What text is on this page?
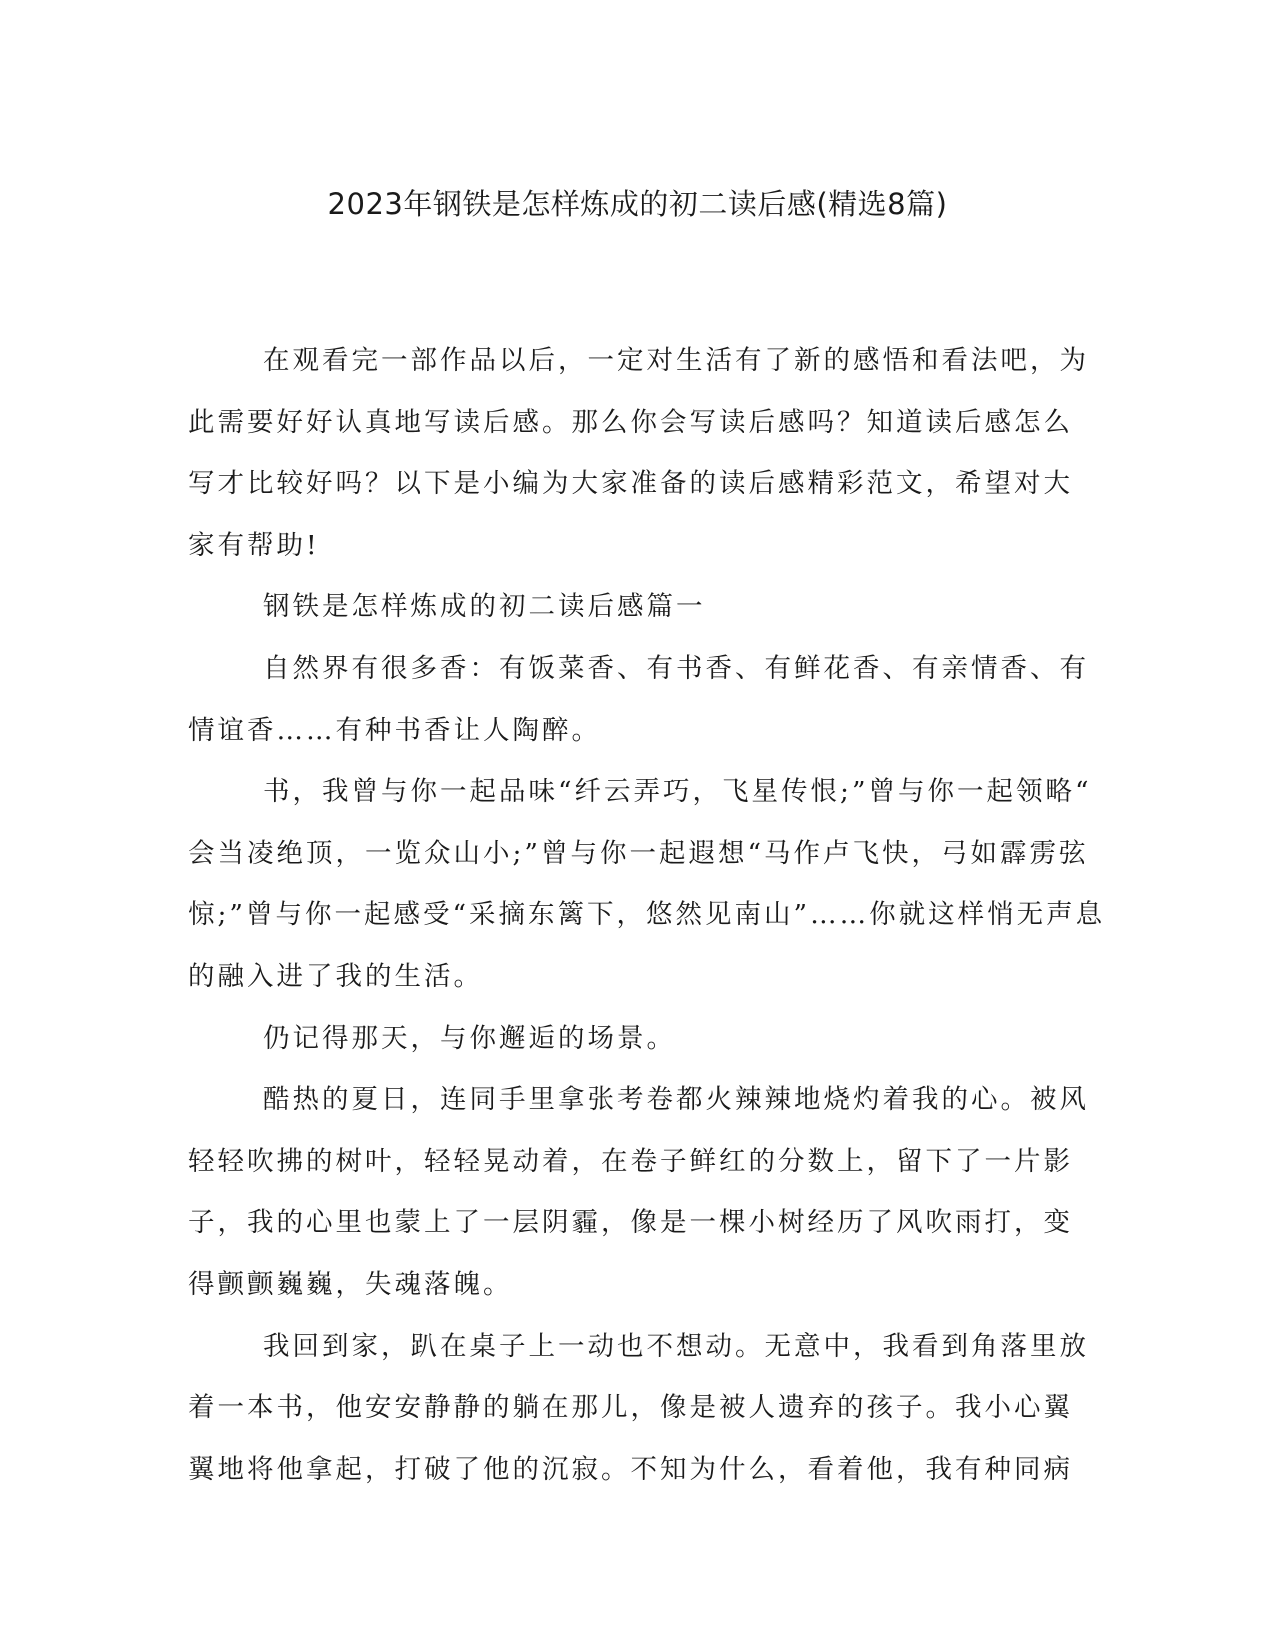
2023年钢铁是怎样炼成的初二读后感(精选8篇)
在观看完一部作品以后，一定对生活有了新的感悟和看法吧，为
此需要好好认真地写读后感。那么你会写读后感吗？知道读后感怎么
写才比较好吗？以下是小编为大家准备的读后感精彩范文，希望对大
家有帮助!
钢铁是怎样炼成的初二读后感篇一
自然界有很多香：有饭菜香、有书香、有鲜花香、有亲情香、有
情谊香……有种书香让人陶醉。
书，我曾与你一起品味“纤云弄巧，飞星传恨;”曾与你一起领略“
会当凌绝顶，一览众山小;”曾与你一起遐想“马作卢飞快，弓如霹雳弦
惊;”曾与你一起感受“采摘东篱下，悠然见南山”……你就这样悄无声息
的融入进了我的生活。
仍记得那天，与你邂逅的场景。
酷热的夏日，连同手里拿张考卷都火辣辣地烧灼着我的心。被风
轻轻吹拂的树叶，轻轻晃动着，在卷子鲜红的分数上，留下了一片影
子，我的心里也蒙上了一层阴霾，像是一棵小树经历了风吹雨打，变
得颤颤巍巍，失魂落魄。
我回到家，趴在桌子上一动也不想动。无意中，我看到角落里放
着一本书，他安安静静的躺在那儿，像是被人遗弃的孩子。我小心翼
翼地将他拿起，打破了他的沉寂。不知为什么，看着他，我有种同病
